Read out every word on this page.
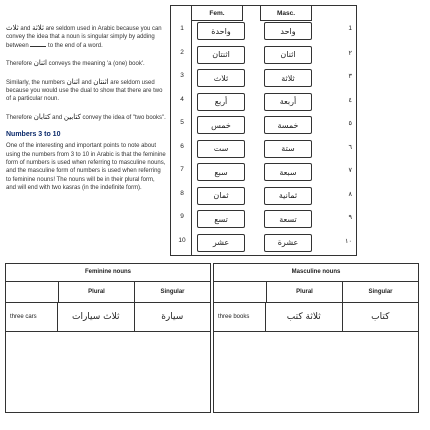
ثلاث and ثلاثة are seldom used in Arabic because you can convey the idea that a noun is singular simply by adding between	to the end of a word.

Therefore اثنان conveys the meaning 'a (one) book'.

Similarly, the numbers اثنان and اثنتان are seldom used because you would use the dual to show that there are two of a particular noun.

Therefore كتابان and كتابين convey the idea of "two books".

Numbers 3 to 10

One of the interesting and important points to note about using the numbers from 3 to 10 in Arabic is that the feminine form of numbers is used when referring to masculine nouns, and the masculine form of numbers is used when referring to feminine nouns! The nouns will be in their plural form, and will end with two kasras (in the indefinite form).

Fem.	Masc.
1	واحدة	واحد	1
2	اثنتان	اثنان	٢
3	ثلاث	ثلاثة	٣
4	أربع	أربعة	٤
5	خمس	خمسة	٥
6	ست	ستة	٦
7	سبع	سبعة	٧
8	ثمان	ثمانية	٨
9	تسع	تسعة	٩
10	عشر	عشرة	١٠
Feminine nouns
Plural	Singular
three cars	ثلاث سيارات	سيارة
Masculine nouns
Plural	Singular
three books	ثلاثة كتب	كتاب
